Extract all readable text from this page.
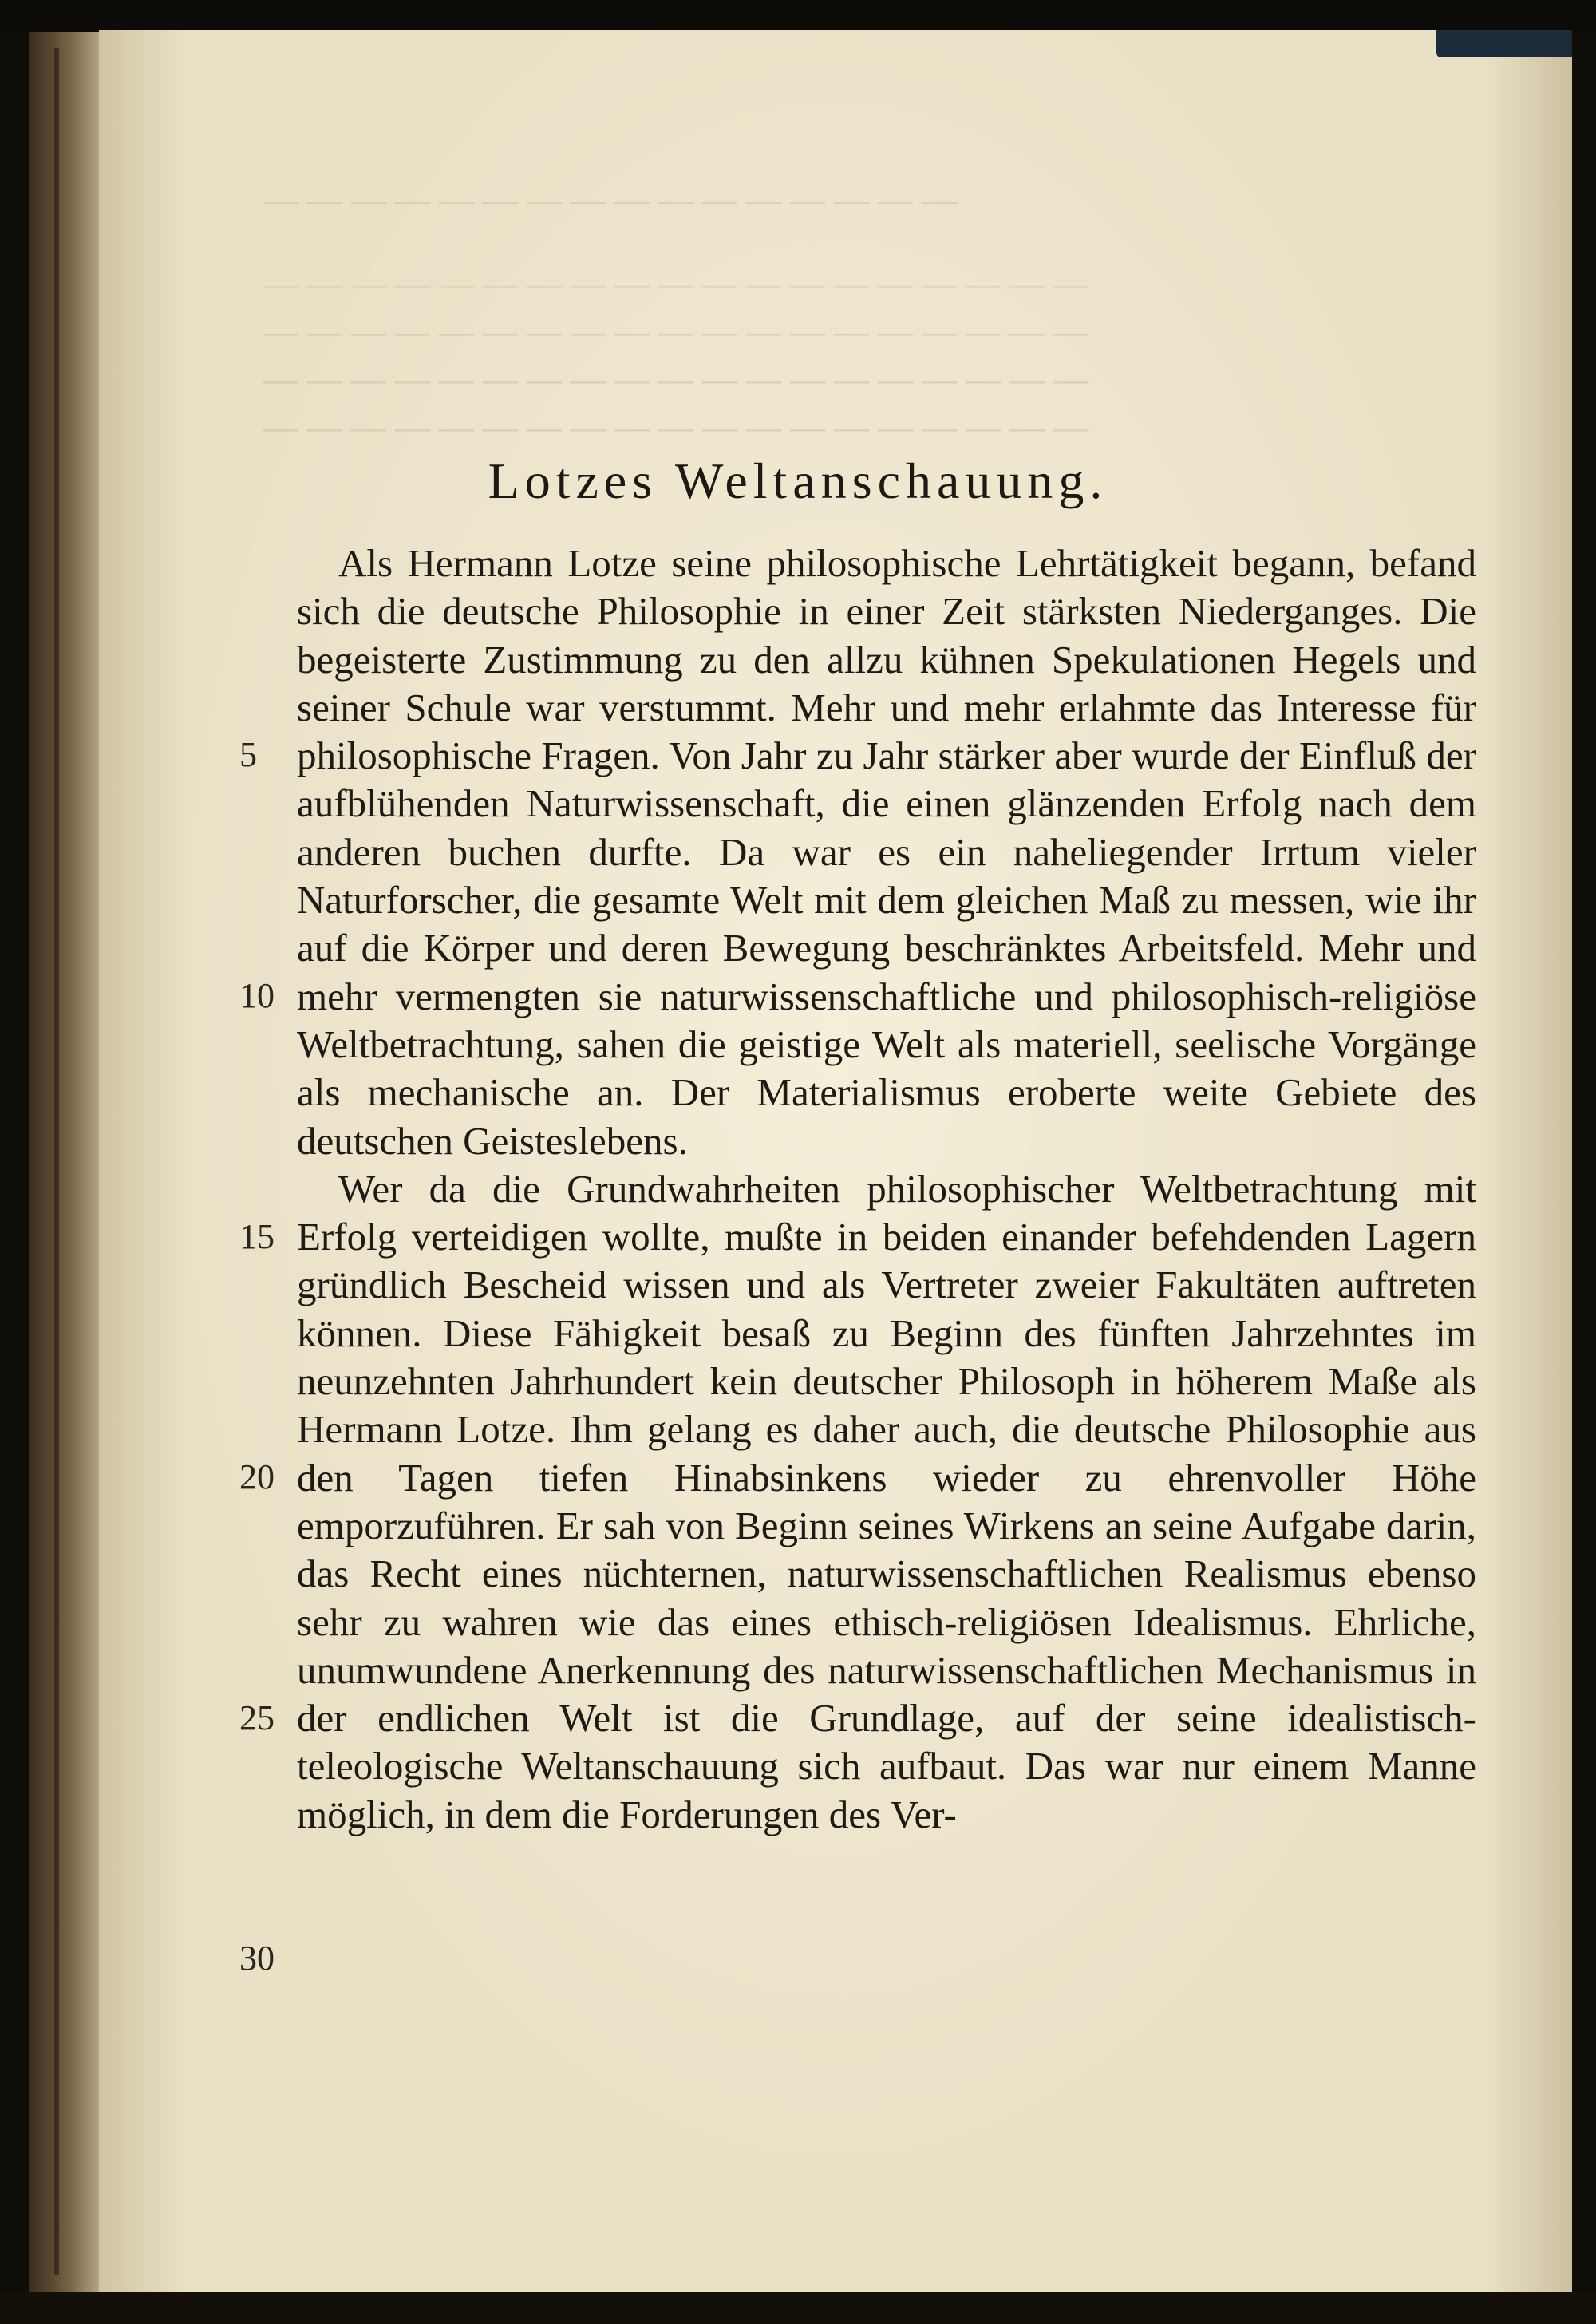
— — — — — — — — — — — — — — — —
— — — — — — — — — — — — — — — — — — —
— — — — — — — — — — — — — — — — — — —
— — — — — — — — — — — — — — — — — — —
— — — — — — — — — — — — — — — — — — —
Lotzes Weltanschauung.

Als Hermann Lotze seine philosophische Lehrtätigkeit begann, befand sich die deutsche Philosophie in einer Zeit stärksten Niederganges. Die begeisterte Zustimmung zu den allzu kühnen Spekulationen Hegels und seiner Schule war verstummt. Mehr und mehr erlahmte das Interesse für philosophische Fragen. Von Jahr zu Jahr stärker aber wurde der Einfluß der aufblühenden Naturwissenschaft, die einen glänzenden Erfolg nach dem anderen buchen durfte. Da war es ein naheliegender Irrtum vieler Naturforscher, die gesamte Welt mit dem gleichen Maß zu messen, wie ihr auf die Körper und deren Bewegung beschränktes Arbeitsfeld. Mehr und mehr vermengten sie naturwissenschaftliche und philosophisch-religiöse Weltbetrachtung, sahen die geistige Welt als materiell, seelische Vorgänge als mechanische an. Der Materialismus eroberte weite Gebiete des deutschen Geisteslebens.

Wer da die Grundwahrheiten philosophischer Weltbetrachtung mit Erfolg verteidigen wollte, mußte in beiden einander befehdenden Lagern gründlich Bescheid wissen und als Vertreter zweier Fakultäten auftreten können. Diese Fähigkeit besaß zu Beginn des fünften Jahrzehntes im neunzehnten Jahrhundert kein deutscher Philosoph in höherem Maße als Hermann Lotze. Ihm gelang es daher auch, die deutsche Philosophie aus den Tagen tiefen Hinabsinkens wieder zu ehrenvoller Höhe emporzuführen. Er sah von Beginn seines Wirkens an seine Aufgabe darin, das Recht eines nüchternen, naturwissenschaftlichen Realismus ebenso sehr zu wahren wie das eines ethisch-religiösen Idealismus. Ehrliche, unumwundene Anerkennung des naturwissenschaftlichen Mechanismus in der endlichen Welt ist die Grundlage, auf der seine idealistisch-teleologische Weltanschauung sich aufbaut. Das war nur einem Manne möglich, in dem die Forderungen des Ver-

5
10
15
20
25
30
